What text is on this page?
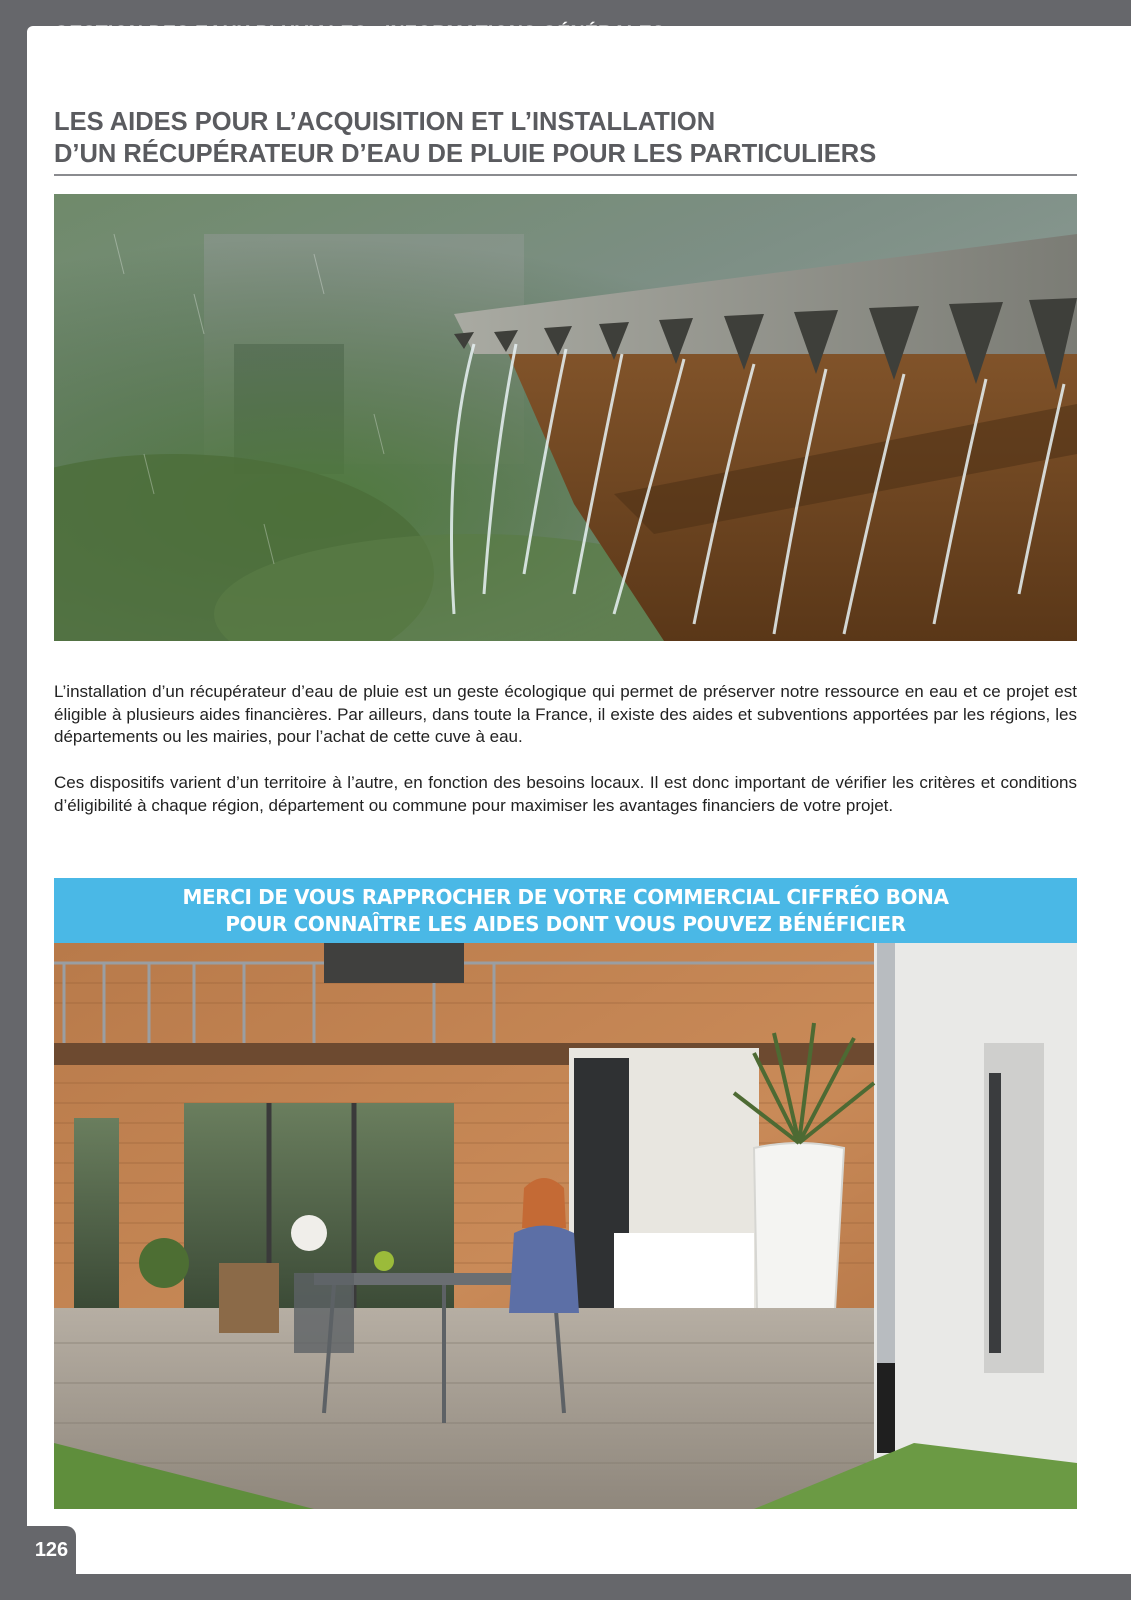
GESTION DES EAUX PLUVIALES : INFORMATIONS GÉNÉRALES
LES AIDES POUR L’ACQUISITION ET L’INSTALLATION
D’UN RÉCUPÉRATEUR D’EAU DE PLUIE POUR LES PARTICULIERS

L’installation d’un récupérateur d’eau de pluie est un geste écologique qui permet de préserver notre ressource en eau et ce projet est éligible à plusieurs aides financières. Par ailleurs, dans toute la France, il existe des aides et subventions apportées par les régions, les départements ou les mairies, pour l’achat de cette cuve à eau.

Ces dispositifs varient d’un territoire à l’autre, en fonction des besoins locaux. Il est donc important de vérifier les critères et conditions d’éligibilité à chaque région, département ou commune pour maximiser les avantages financiers de votre projet.

MERCI DE VOUS RAPPROCHER DE VOTRE COMMERCIAL CIFFRÉO BONA
POUR CONNAÎTRE LES AIDES DONT VOUS POUVEZ BÉNÉFICIER
126
